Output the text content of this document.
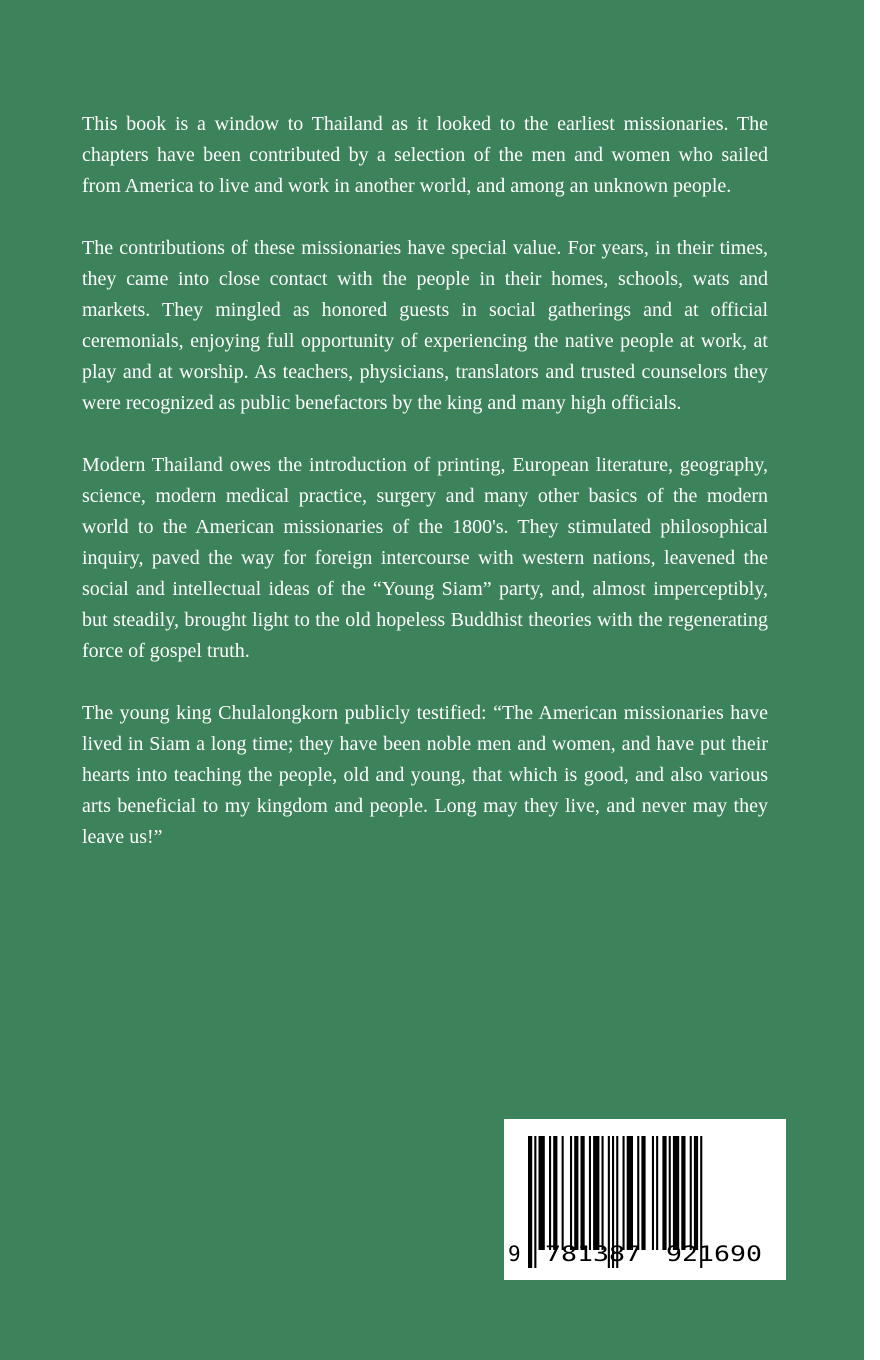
This book is a window to Thailand as it looked to the earliest missionaries. The chapters have been contributed by a selection of the men and women who sailed from America to live and work in another world, and among an unknown people.

The contributions of these missionaries have special value. For years, in their times, they came into close contact with the people in their homes, schools, wats and markets. They mingled as honored guests in social gatherings and at official ceremonials, enjoying full opportunity of experiencing the native people at work, at play and at worship. As teachers, physicians, translators and trusted counselors they were recognized as public benefactors by the king and many high officials.

Modern Thailand owes the introduction of printing, European literature, geography, science, modern medical practice, surgery and many other basics of the modern world to the American missionaries of the 1800's. They stimulated philosophical inquiry, paved the way for foreign intercourse with western nations, leavened the social and intellectual ideas of the “Young Siam” party, and, almost imperceptibly, but steadily, brought light to the old hopeless Buddhist theories with the regenerating force of gospel truth.

The young king Chulalongkorn publicly testified: “The American missionaries have lived in Siam a long time; they have been noble men and women, and have put their hearts into teaching the people, old and young, that which is good, and also various arts beneficial to my kingdom and people. Long may they live, and never may they leave us!”

9 781387 921690
